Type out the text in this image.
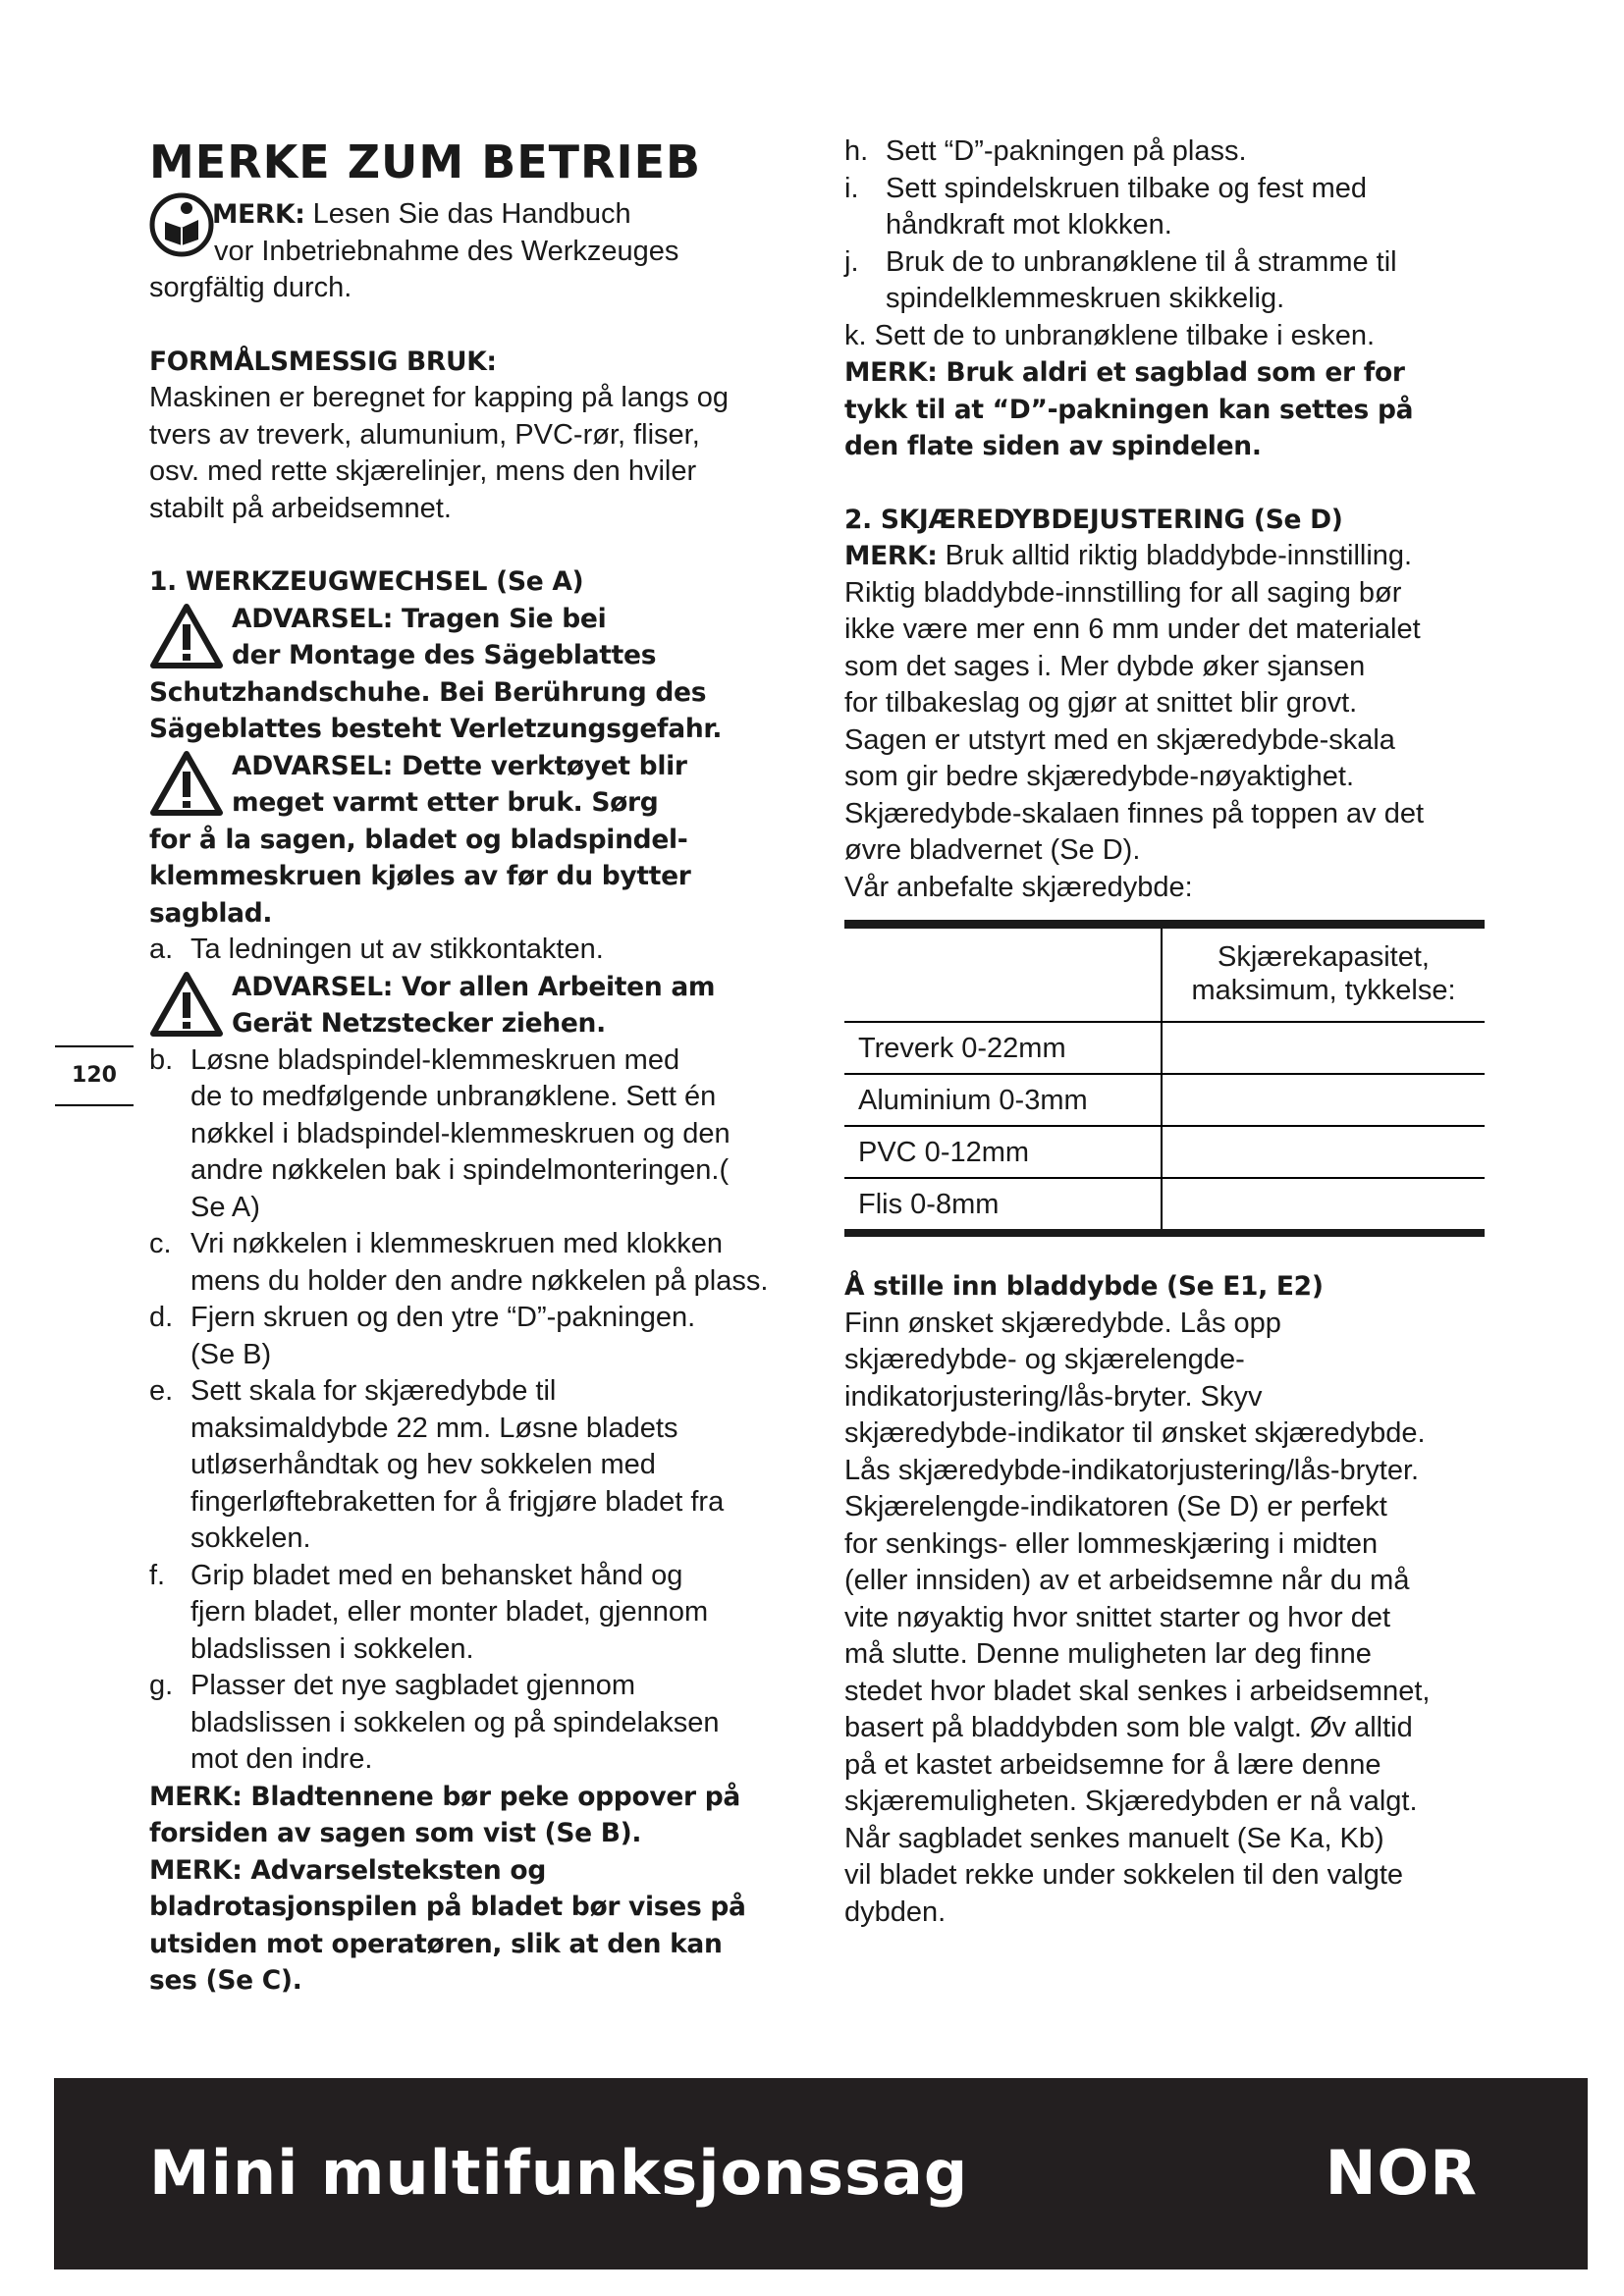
MERKE ZUM BETRIEB
MERK: Lesen Sie das Handbuch
vor Inbetriebnahme des Werkzeuges
sorgfältig durch.
FORMÅLSMESSIG BRUK:
Maskinen er beregnet for kapping på langs og
tvers av treverk, alumunium, PVC-rør, fliser,
osv. med rette skjærelinjer, mens den hviler
stabilt på arbeidsemnet.
1. WERKZEUGWECHSEL (Se A)
ADVARSEL: Tragen Sie bei
der Montage des Sägeblattes
Schutzhandschuhe. Bei Berührung des
Sägeblattes besteht Verletzungsgefahr.
ADVARSEL: Dette verktøyet blir
meget varmt etter bruk. Sørg
for å la sagen, bladet og bladspindel-
klemmeskruen kjøles av før du bytter
sagblad.
a. Ta ledningen ut av stikkontakten.
ADVARSEL: Vor allen Arbeiten am
Gerät Netzstecker ziehen.
b. Løsne bladspindel-klemmeskruen med
de to medfølgende unbranøklene. Sett én
nøkkel i bladspindel-klemmeskruen og den
andre nøkkelen bak i spindelmonteringen.(
Se A)
c. Vri nøkkelen i klemmeskruen med klokken
mens du holder den andre nøkkelen på plass.
d. Fjern skruen og den ytre “D”-pakningen.
(Se B)
e. Sett skala for skjæredybde til
maksimaldybde 22 mm. Løsne bladets
utløserhåndtak og hev sokkelen med
fingerløftebraketten for å frigjøre bladet fra
sokkelen.
f. Grip bladet med en behansket hånd og
fjern bladet, eller monter bladet, gjennom
bladslissen i sokkelen.
g. Plasser det nye sagbladet gjennom
bladslissen i sokkelen og på spindelaksen
mot den indre.
MERK: Bladtennene bør peke oppover på
forsiden av sagen som vist (Se B).
MERK: Advarselsteksten og
bladrotasjonspilen på bladet bør vises på
utsiden mot operatøren, slik at den kan
ses (Se C).
120
h. Sett “D”-pakningen på plass.
i. Sett spindelskruen tilbake og fest med
håndkraft mot klokken.
j. Bruk de to unbranøklene til å stramme til
spindelklemmeskruen skikkelig.
k. Sett de to unbranøklene tilbake i esken.
MERK: Bruk aldri et sagblad som er for
tykk til at “D”-pakningen kan settes på
den flate siden av spindelen.
2. SKJÆREDYBDEJUSTERING (Se D)
MERK: Bruk alltid riktig bladdybde-innstilling.
Riktig bladdybde-innstilling for all saging bør
ikke være mer enn 6 mm under det materialet
som det sages i. Mer dybde øker sjansen
for tilbakeslag og gjør at snittet blir grovt.
Sagen er utstyrt med en skjæredybde-skala
som gir bedre skjæredybde-nøyaktighet.
Skjæredybde-skalaen finnes på toppen av det
øvre bladvernet (Se D).
Vår anbefalte skjæredybde:

	Skjærekapasitet,
maksimum, tykkelse:

Treverk 0-22mm	
Aluminium 0-3mm	
PVC 0-12mm	
Flis 0-8mm	

Å stille inn bladdybde (Se E1, E2)
Finn ønsket skjæredybde. Lås opp
skjæredybde- og skjærelengde-
indikatorjustering/lås-bryter. Skyv
skjæredybde-indikator til ønsket skjæredybde.
Lås skjæredybde-indikatorjustering/lås-bryter.
Skjærelengde-indikatoren (Se D) er perfekt
for senkings- eller lommeskjæring i midten
(eller innsiden) av et arbeidsemne når du må
vite nøyaktig hvor snittet starter og hvor det
må slutte. Denne muligheten lar deg finne
stedet hvor bladet skal senkes i arbeidsemnet,
basert på bladdybden som ble valgt. Øv alltid
på et kastet arbeidsemne for å lære denne
skjæremuligheten. Skjæredybden er nå valgt.
Når sagbladet senkes manuelt (Se Ka, Kb)
vil bladet rekke under sokkelen til den valgte
dybden.
Mini multifunksjonssag	NOR
